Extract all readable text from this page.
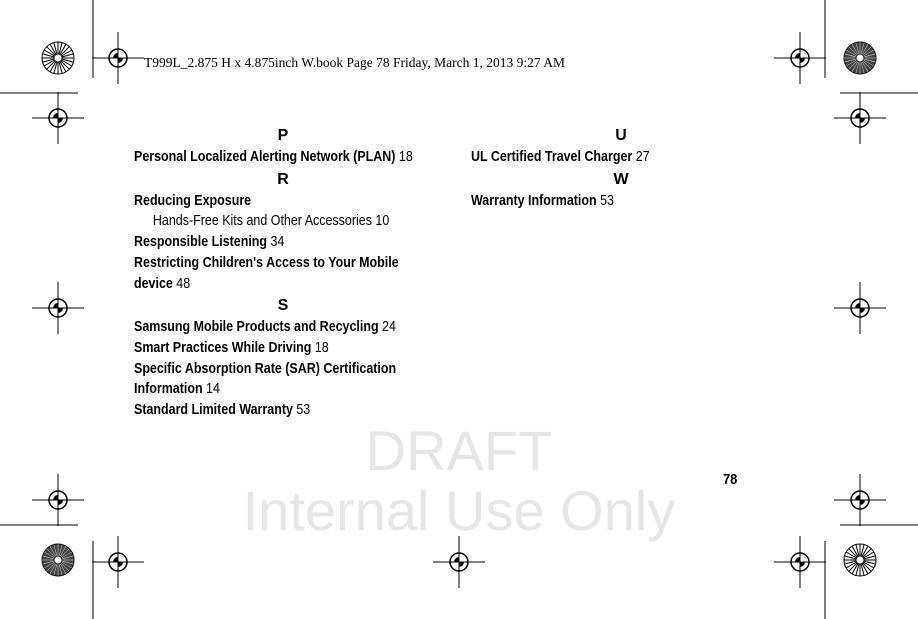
DRAFT
Internal Use Only
T999L_2.875 H x 4.875inch W.book Page 78 Friday, March 1, 2013 9:27 AM
P
Personal Localized Alerting Network (PLAN) 18
R
Reducing Exposure
Hands-Free Kits and Other Accessories 10
Responsible Listening 34
Restricting Children's Access to Your Mobile device 48
S
Samsung Mobile Products and Recycling 24
Smart Practices While Driving 18
Specific Absorption Rate (SAR) Certification Information 14
Standard Limited Warranty 53
U
UL Certified Travel Charger 27
W
Warranty Information 53
78
